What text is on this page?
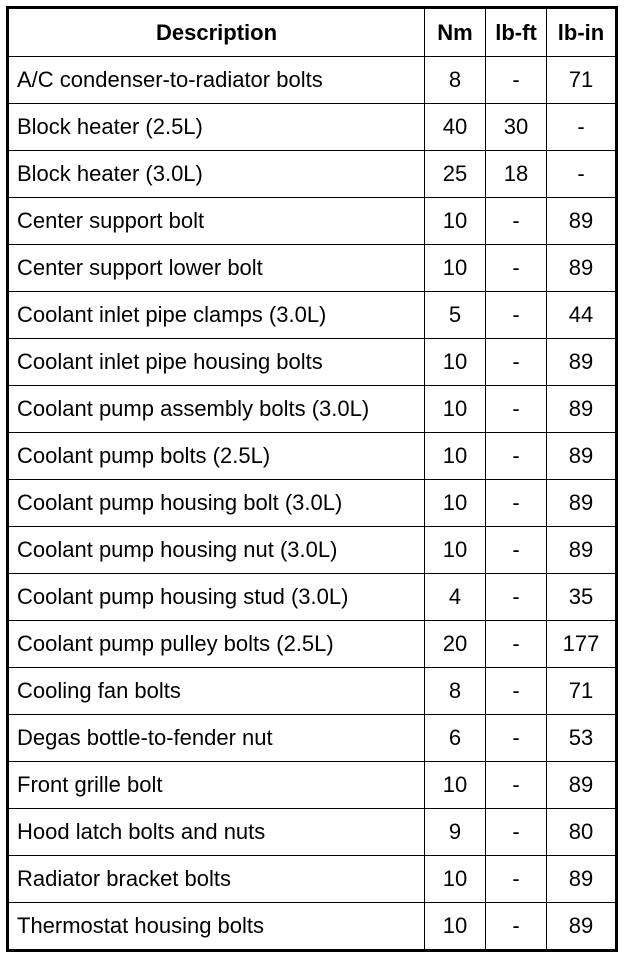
Description	Nm	lb-ft	lb-in
A/C condenser-to-radiator bolts	8	-	71
Block heater (2.5L)	40	30	-
Block heater (3.0L)	25	18	-
Center support bolt	10	-	89
Center support lower bolt	10	-	89
Coolant inlet pipe clamps (3.0L)	5	-	44
Coolant inlet pipe housing bolts	10	-	89
Coolant pump assembly bolts (3.0L)	10	-	89
Coolant pump bolts (2.5L)	10	-	89
Coolant pump housing bolt (3.0L)	10	-	89
Coolant pump housing nut (3.0L)	10	-	89
Coolant pump housing stud (3.0L)	4	-	35
Coolant pump pulley bolts (2.5L)	20	-	177
Cooling fan bolts	8	-	71
Degas bottle-to-fender nut	6	-	53
Front grille bolt	10	-	89
Hood latch bolts and nuts	9	-	80
Radiator bracket bolts	10	-	89
Thermostat housing bolts	10	-	89
